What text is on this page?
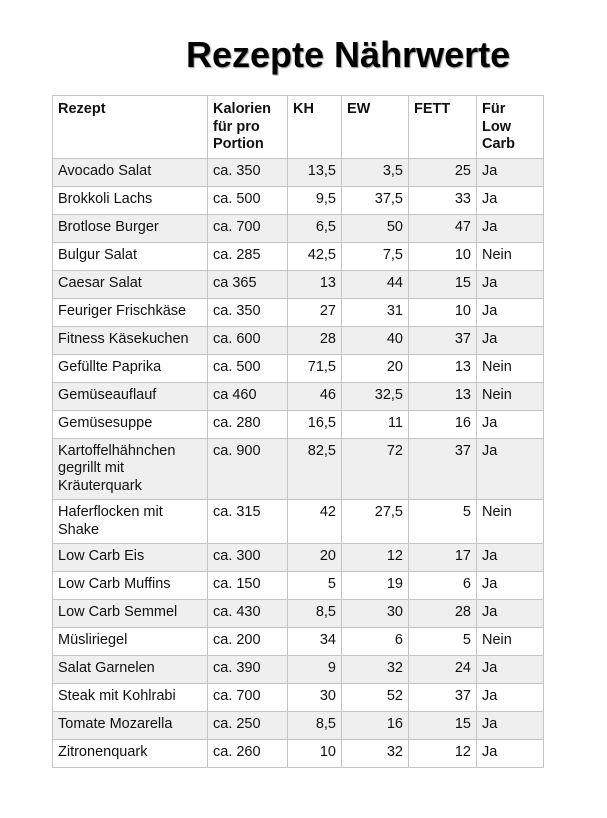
Rezepte Nährwerte
Rezept	Kalorien für pro Portion	KH	EW	FETT	Für Low Carb
Avocado Salat	ca. 350	13,5	3,5	25	Ja
Brokkoli Lachs	ca. 500	9,5	37,5	33	Ja
Brotlose Burger	ca. 700	6,5	50	47	Ja
Bulgur Salat	ca. 285	42,5	7,5	10	Nein
Caesar Salat	ca 365	13	44	15	Ja
Feuriger Frischkäse	ca. 350	27	31	10	Ja
Fitness Käsekuchen	ca. 600	28	40	37	Ja
Gefüllte Paprika	ca. 500	71,5	20	13	Nein
Gemüseauflauf	ca 460	46	32,5	13	Nein
Gemüsesuppe	ca. 280	16,5	11	16	Ja
Kartoffelhähnchen gegrillt mit Kräuterquark	ca. 900	82,5	72	37	Ja
Haferflocken mit Shake	ca. 315	42	27,5	5	Nein
Low Carb Eis	ca. 300	20	12	17	Ja
Low Carb Muffins	ca. 150	5	19	6	Ja
Low Carb Semmel	ca. 430	8,5	30	28	Ja
Müsliriegel	ca. 200	34	6	5	Nein
Salat Garnelen	ca. 390	9	32	24	Ja
Steak mit Kohlrabi	ca. 700	30	52	37	Ja
Tomate Mozarella	ca. 250	8,5	16	15	Ja
Zitronenquark	ca. 260	10	32	12	Ja
